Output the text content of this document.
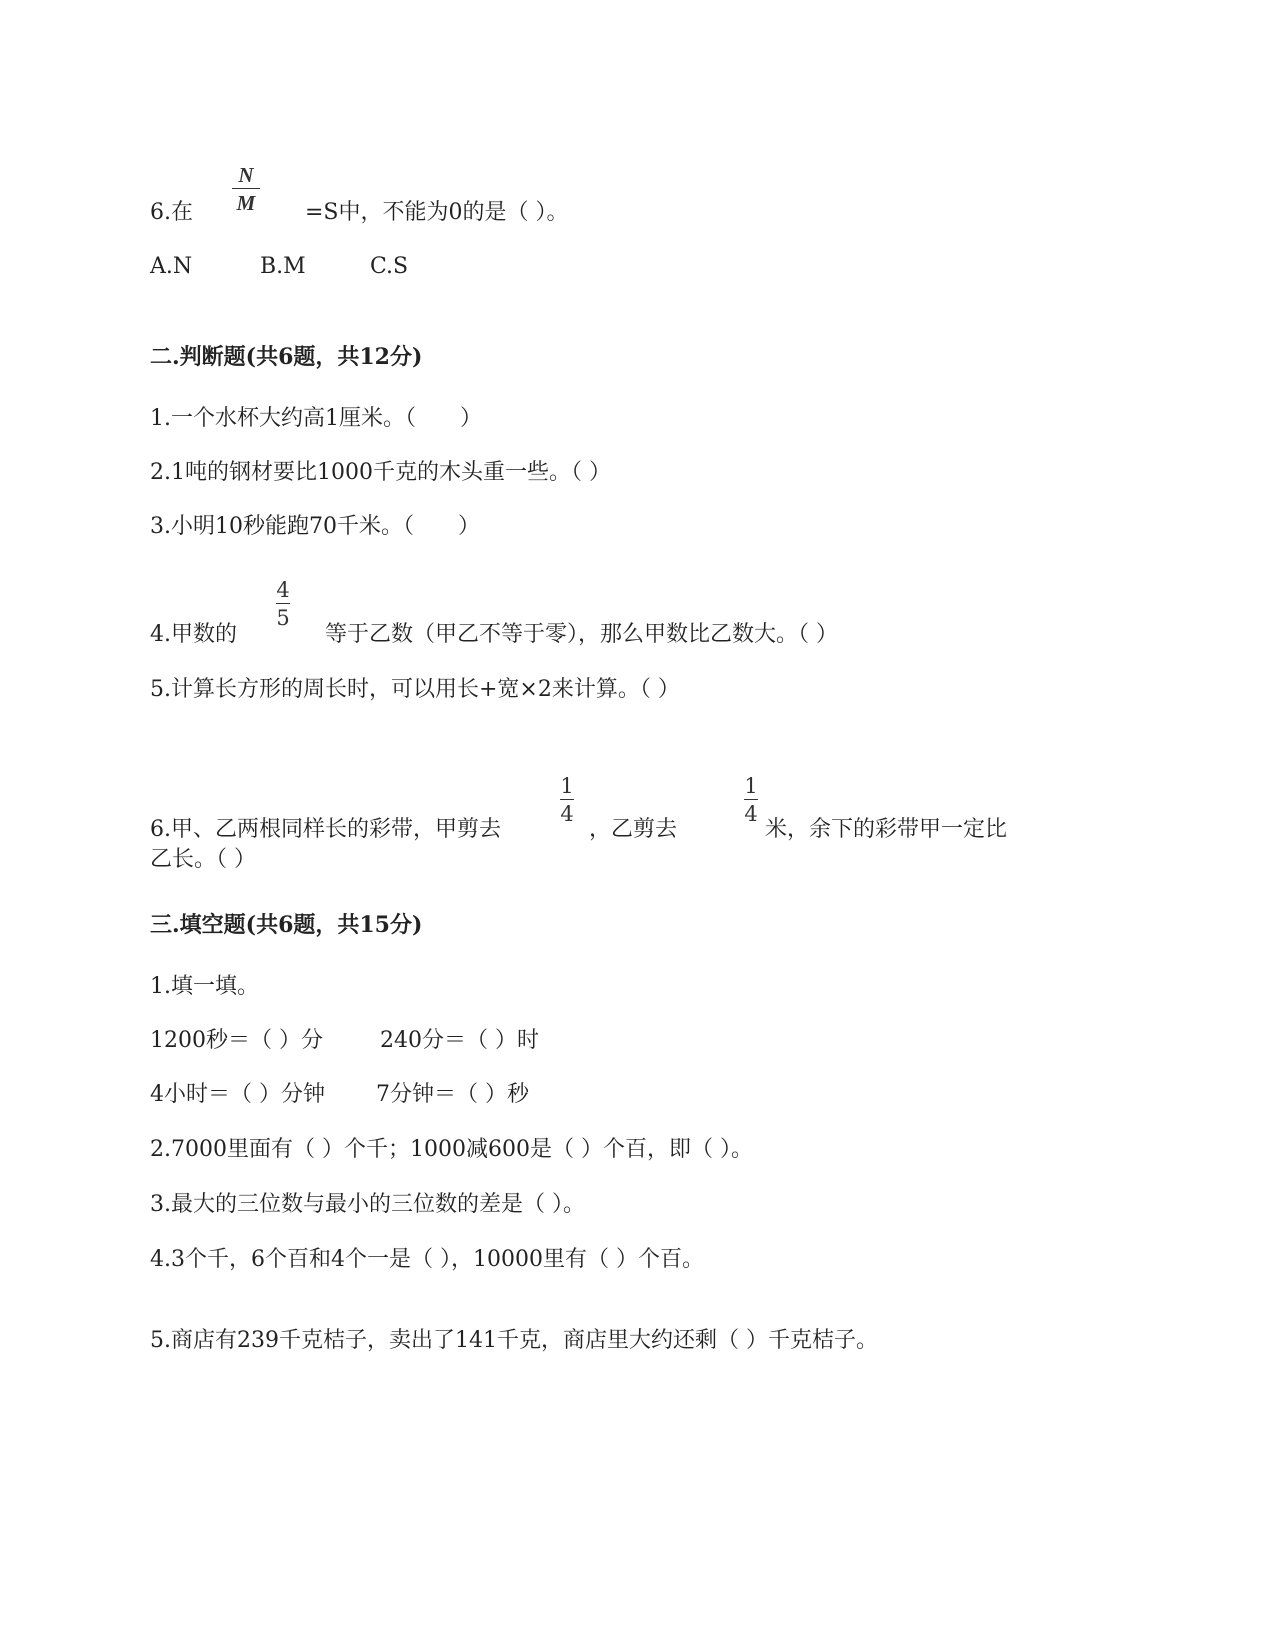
N
M
6.在	=S中，不能为0的是（ ）。
A.N	B.M	C.S
二.判断题(共6题，共12分)
1.一个水杯大约高1厘米。（　　）
2.1吨的钢材要比1000千克的木头重一些。（ ）
3.小明10秒能跑70千米。（　　）
4
5
4.甲数的	等于乙数（甲乙不等于零），那么甲数比乙数大。（ ）
5.计算长方形的周长时，可以用长+宽×2来计算。（ ）
1
4
1
4
6.甲、乙两根同样长的彩带，甲剪去	，乙剪去	米，余下的彩带甲一定比
乙长。（ ）
三.填空题(共6题，共15分)
1.填一填。
1200秒＝（ ）分	240分＝（ ）时
4小时＝（ ）分钟 7分钟＝（ ）秒
2.7000里面有（ ）个千；1000减600是（ ）个百，即（ ）。
3.最大的三位数与最小的三位数的差是（ ）。
4.3个千，6个百和4个一是（ ），10000里有（ ）个百。
5.商店有239千克桔子，卖出了141千克，商店里大约还剩（ ）千克桔子。
